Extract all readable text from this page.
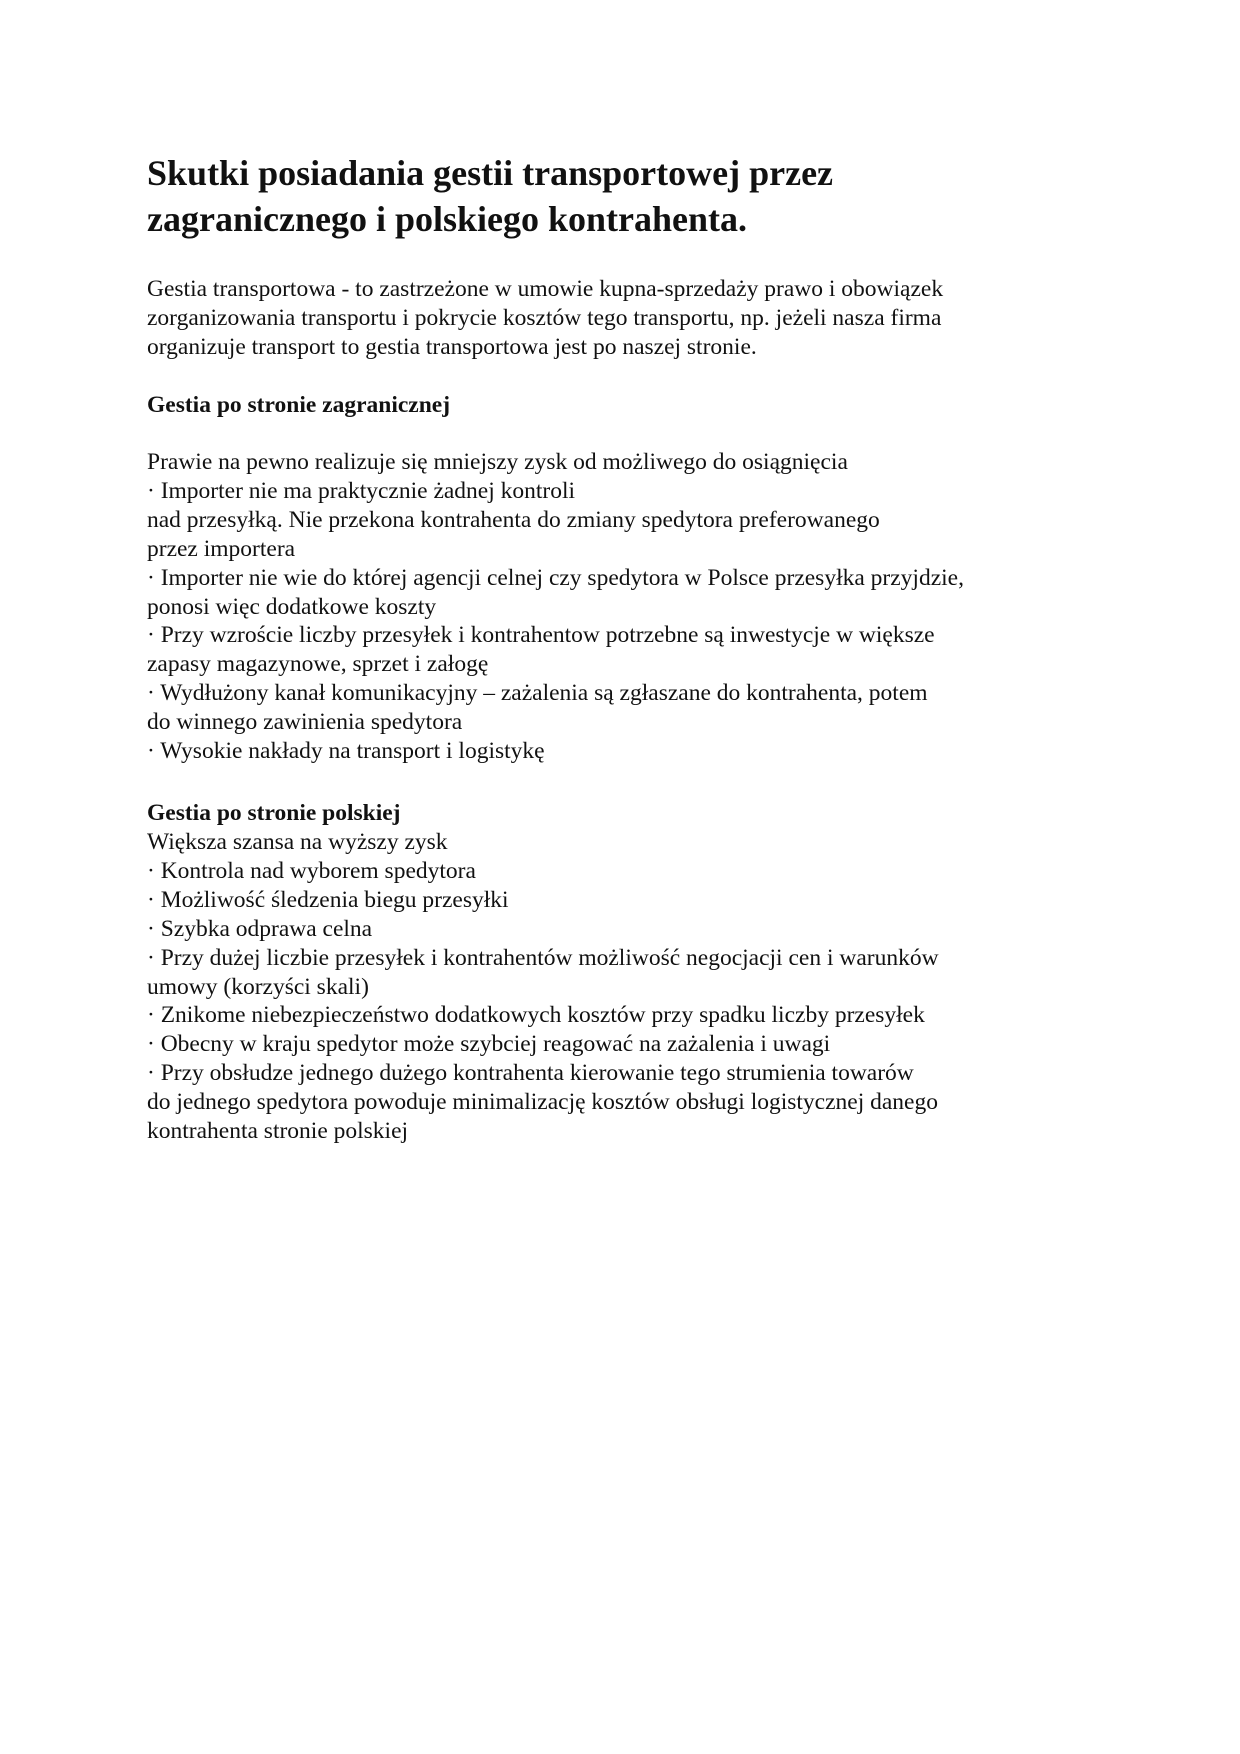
Skutki posiadania gestii transportowej przez
zagranicznego i polskiego kontrahenta.
Gestia transportowa - to zastrzeżone w umowie kupna-sprzedaży prawo i obowiązek
zorganizowania transportu i pokrycie kosztów tego transportu, np. jeżeli nasza firma
organizuje transport to gestia transportowa jest po naszej stronie.
Gestia po stronie zagranicznej
Prawie na pewno realizuje się mniejszy zysk od możliwego do osiągnięcia
· Importer nie ma praktycznie żadnej kontroli
nad przesyłką. Nie przekona kontrahenta do zmiany spedytora preferowanego
przez importera
· Importer nie wie do której agencji celnej czy spedytora w Polsce przesyłka przyjdzie,
ponosi więc dodatkowe koszty
· Przy wzroście liczby przesyłek i kontrahentow potrzebne są inwestycje w większe
zapasy magazynowe, sprzet i załogę
· Wydłużony kanał komunikacyjny – zażalenia są zgłaszane do kontrahenta, potem
do winnego zawinienia spedytora
· Wysokie nakłady na transport i logistykę
Gestia po stronie polskiej
Większa szansa na wyższy zysk
· Kontrola nad wyborem spedytora
· Możliwość śledzenia biegu przesyłki
· Szybka odprawa celna
· Przy dużej liczbie przesyłek i kontrahentów możliwość negocjacji cen i warunków
umowy (korzyści skali)
· Znikome niebezpieczeństwo dodatkowych kosztów przy spadku liczby przesyłek
· Obecny w kraju spedytor może szybciej reagować na zażalenia i uwagi
· Przy obsłudze jednego dużego kontrahenta kierowanie tego strumienia towarów
do jednego spedytora powoduje minimalizację kosztów obsługi logistycznej danego
kontrahenta stronie polskiej
